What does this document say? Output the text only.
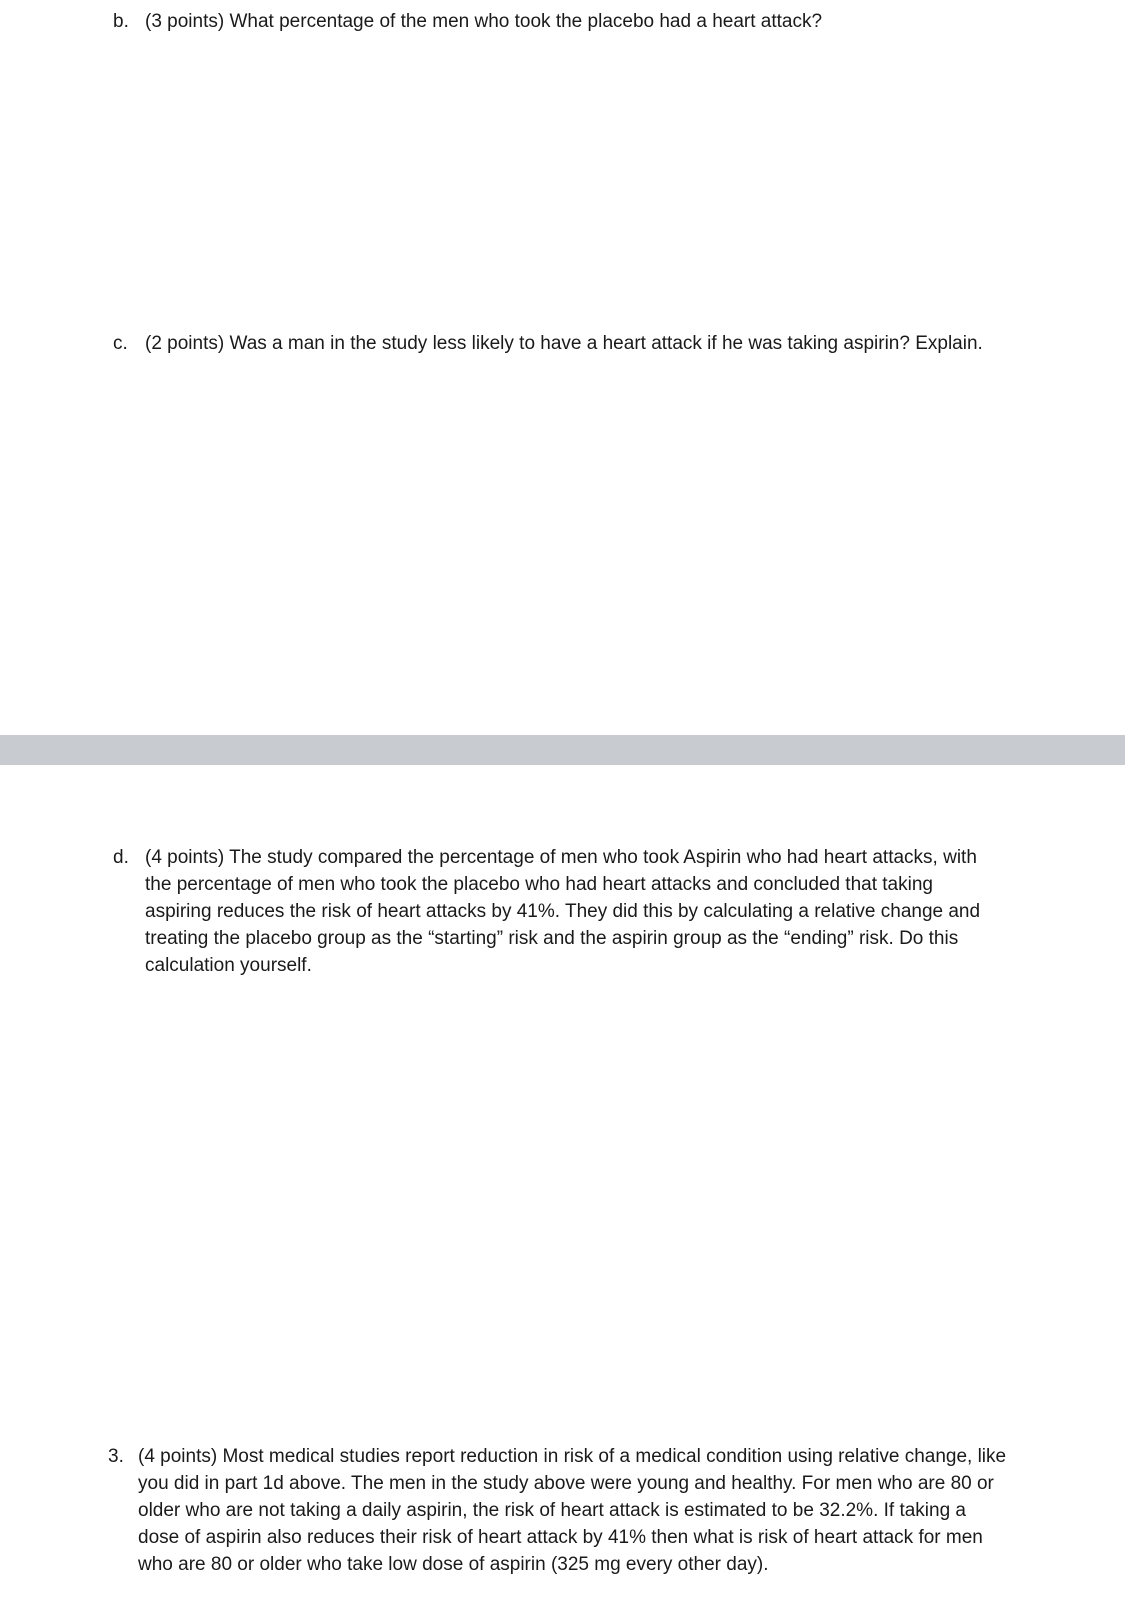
b. (3 points) What percentage of the men who took the placebo had a heart attack?
c. (2 points) Was a man in the study less likely to have a heart attack if he was taking aspirin? Explain.
d. (4 points) The study compared the percentage of men who took Aspirin who had heart attacks, with
the percentage of men who took the placebo who had heart attacks and concluded that taking
aspiring reduces the risk of heart attacks by 41%. They did this by calculating a relative change and
treating the placebo group as the “starting” risk and the aspirin group as the “ending” risk. Do this
calculation yourself.
3. (4 points) Most medical studies report reduction in risk of a medical condition using relative change, like
you did in part 1d above. The men in the study above were young and healthy. For men who are 80 or
older who are not taking a daily aspirin, the risk of heart attack is estimated to be 32.2%. If taking a
dose of aspirin also reduces their risk of heart attack by 41% then what is risk of heart attack for men
who are 80 or older who take low dose of aspirin (325 mg every other day).
